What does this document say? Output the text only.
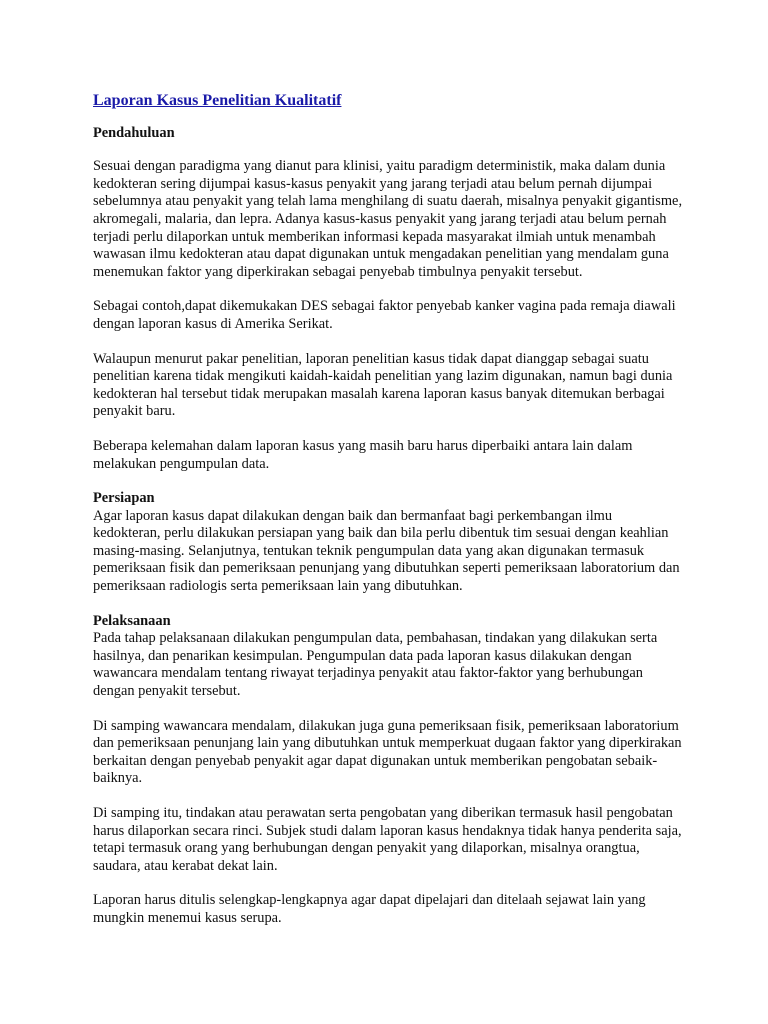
Laporan Kasus Penelitian Kualitatif
Pendahuluan

Sesuai dengan paradigma yang dianut para klinisi, yaitu paradigm deterministik, maka dalam dunia kedokteran sering dijumpai kasus-kasus penyakit yang jarang terjadi atau belum pernah dijumpai sebelumnya atau penyakit yang telah lama menghilang di suatu daerah, misalnya penyakit gigantisme, akromegali, malaria, dan lepra. Adanya kasus-kasus penyakit yang jarang terjadi atau belum pernah terjadi perlu dilaporkan untuk memberikan informasi kepada masyarakat ilmiah untuk menambah wawasan ilmu kedokteran atau dapat digunakan untuk mengadakan penelitian yang mendalam guna menemukan faktor yang diperkirakan sebagai penyebab timbulnya penyakit tersebut.

Sebagai contoh,dapat dikemukakan DES sebagai faktor penyebab kanker vagina pada remaja diawali dengan laporan kasus di Amerika Serikat.

Walaupun menurut pakar penelitian, laporan penelitian kasus tidak dapat dianggap sebagai suatu penelitian karena tidak mengikuti kaidah-kaidah penelitian yang lazim digunakan, namun bagi dunia kedokteran hal tersebut tidak merupakan masalah karena laporan kasus banyak ditemukan berbagai penyakit baru.

Beberapa kelemahan dalam laporan kasus yang masih baru harus diperbaiki antara lain dalam melakukan pengumpulan data.

Persiapan

Agar laporan kasus dapat dilakukan dengan baik dan bermanfaat bagi perkembangan ilmu kedokteran, perlu dilakukan persiapan yang baik dan bila perlu dibentuk tim sesuai dengan keahlian masing-masing. Selanjutnya, tentukan teknik pengumpulan data yang akan digunakan termasuk pemeriksaan fisik dan pemeriksaan penunjang yang dibutuhkan seperti pemeriksaan laboratorium dan pemeriksaan radiologis serta pemeriksaan lain yang dibutuhkan.

Pelaksanaan

Pada tahap pelaksanaan dilakukan pengumpulan data, pembahasan, tindakan yang dilakukan serta hasilnya, dan penarikan kesimpulan. Pengumpulan data pada laporan kasus dilakukan dengan wawancara mendalam tentang riwayat terjadinya penyakit atau faktor-faktor yang berhubungan dengan penyakit tersebut.

Di samping wawancara mendalam, dilakukan juga guna pemeriksaan fisik, pemeriksaan laboratorium dan pemeriksaan penunjang lain yang dibutuhkan untuk memperkuat dugaan faktor yang diperkirakan berkaitan dengan penyebab penyakit agar dapat digunakan untuk memberikan pengobatan sebaik-baiknya.

Di samping itu, tindakan atau perawatan serta pengobatan yang diberikan termasuk hasil pengobatan harus dilaporkan secara rinci. Subjek studi dalam laporan kasus hendaknya tidak hanya penderita saja, tetapi termasuk orang yang berhubungan dengan penyakit yang dilaporkan, misalnya orangtua, saudara, atau kerabat dekat lain.

Laporan harus ditulis selengkap-lengkapnya agar dapat dipelajari dan ditelaah sejawat lain yang mungkin menemui kasus serupa.
